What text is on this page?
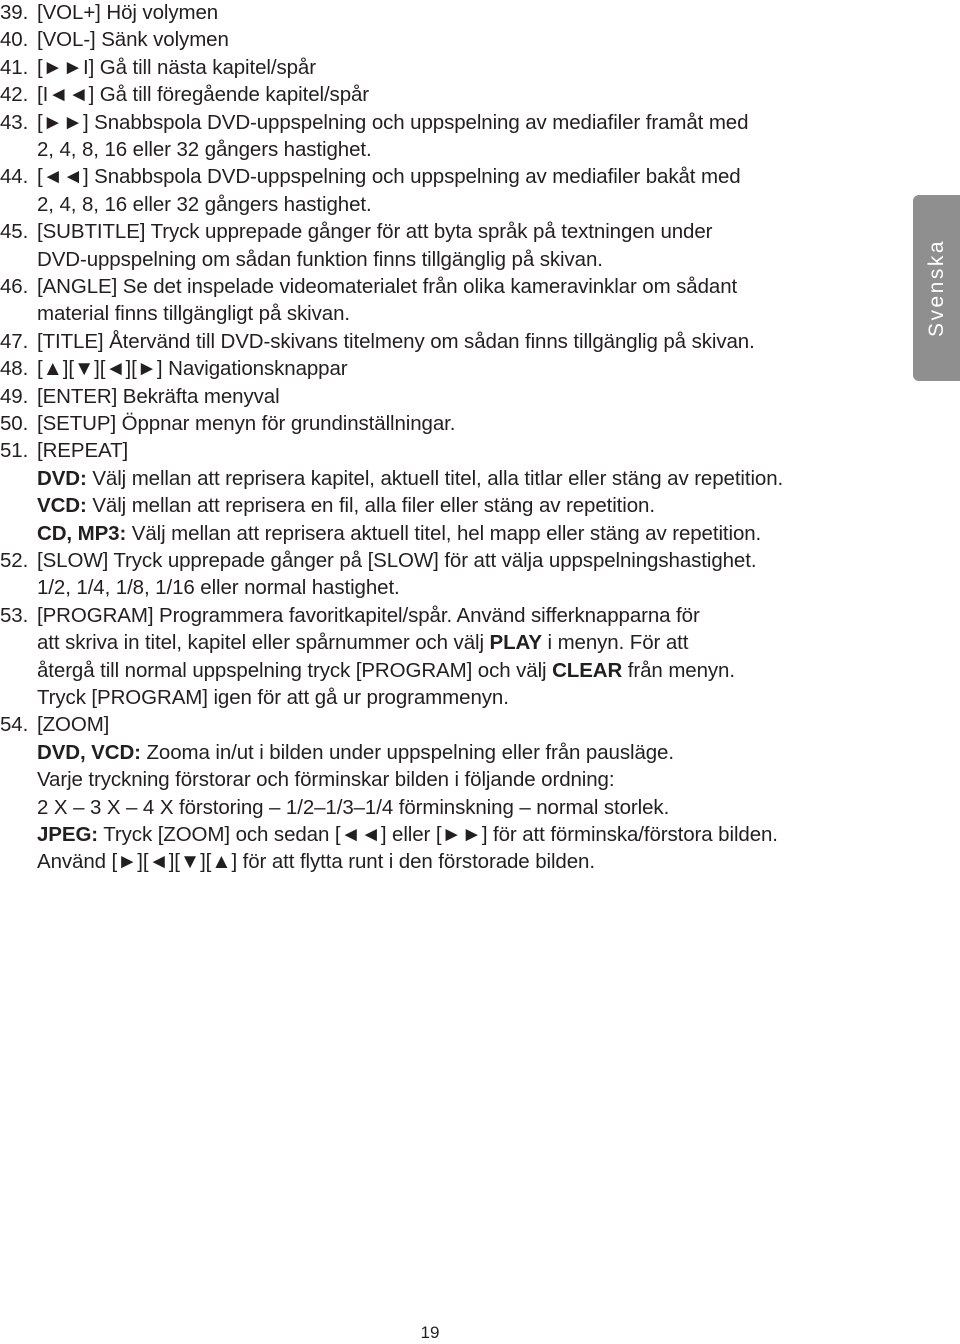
39. [VOL+] Höj volymen
40. [VOL-] Sänk volymen
41. [►►I] Gå till nästa kapitel/spår
42. [I◄◄] Gå till föregående kapitel/spår
43. [►►] Snabbspola DVD-uppspelning och uppspelning av mediafiler framåt med
2, 4, 8, 16 eller 32 gångers hastighet.
44. [◄◄] Snabbspola DVD-uppspelning och uppspelning av mediafiler bakåt med
2, 4, 8, 16 eller 32 gångers hastighet.
45. [SUBTITLE] Tryck upprepade gånger för att byta språk på textningen under
DVD-uppspelning om sådan funktion finns tillgänglig på skivan.
46. [ANGLE] Se det inspelade videomaterialet från olika kameravinklar om sådant
material finns tillgängligt på skivan.
47. [TITLE] Återvänd till DVD-skivans titelmeny om sådan finns tillgänglig på skivan.
48. [▲][▼][◄][►] Navigationsknappar
49. [ENTER] Bekräfta menyval
50. [SETUP] Öppnar menyn för grundinställningar.
51. [REPEAT]
DVD: Välj mellan att reprisera kapitel, aktuell titel, alla titlar eller stäng av repetition.
VCD: Välj mellan att reprisera en fil, alla filer eller stäng av repetition.
CD, MP3: Välj mellan att reprisera aktuell titel, hel mapp eller stäng av repetition.
52. [SLOW] Tryck upprepade gånger på [SLOW] för att välja uppspelningshastighet.
1/2, 1/4, 1/8, 1/16 eller normal hastighet.
53. [PROGRAM] Programmera favoritkapitel/spår. Använd sifferknapparna för
att skriva in titel, kapitel eller spårnummer och välj PLAY i menyn. För att
återgå till normal uppspelning tryck [PROGRAM] och välj CLEAR från menyn.
Tryck [PROGRAM] igen för att gå ur programmenyn.
54. [ZOOM]
DVD, VCD: Zooma in/ut i bilden under uppspelning eller från pausläge.
Varje tryckning förstorar och förminskar bilden i följande ordning:
2 X – 3 X – 4 X förstoring – 1/2–1/3–1/4 förminskning – normal storlek.
JPEG: Tryck [ZOOM] och sedan [◄◄] eller [►►] för att förminska/förstora bilden.
Använd [►][◄][▼][▲] för att flytta runt i den förstorade bilden.
Svenska
19
